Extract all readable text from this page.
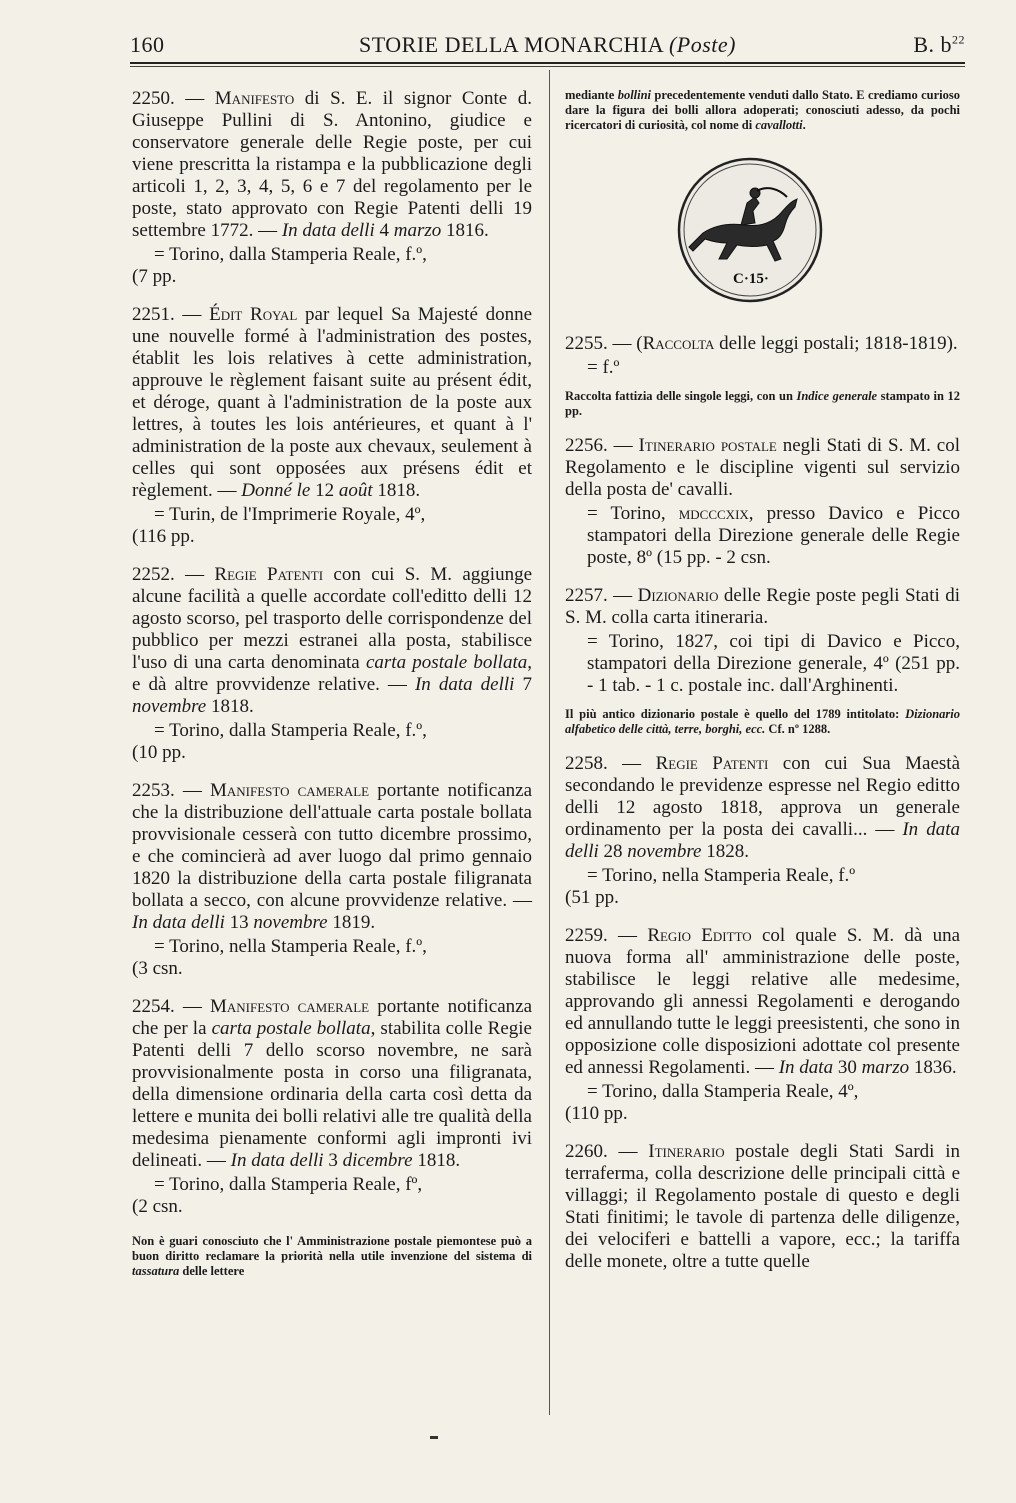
160	STORIE DELLA MONARCHIA (Poste)	B. $b^{22}$

2250. — Manifesto di S. E. il signor Conte d. Giuseppe Pullini di S. Antonino, giudice e conservatore generale delle Regie poste, per cui viene prescritta la ristampa e la pubblicazione degli articoli 1, 2, 3, 4, 5, 6 e 7 del regolamento per le poste, stato approvato con Regie Patenti delli 19 settembre 1772. — In data delli 4 marzo 1816.

= Torino, dalla Stamperia Reale, f.º,

(7 pp.

2251. — Édit Royal par lequel Sa Majesté donne une nouvelle formé à l'administration des postes, établit les lois relatives à cette administration, approuve le règlement faisant suite au présent édit, et déroge, quant à l'administration de la poste aux lettres, à toutes les lois antérieures, et quant à l' administration de la poste aux chevaux, seulement à celles qui sont opposées aux présens édit et règlement. — Donné le 12 août 1818.

= Turin, de l'Imprimerie Royale, 4º,

(116 pp.

2252. — Regie Patenti con cui S. M. aggiunge alcune facilità a quelle accordate coll'editto delli 12 agosto scorso, pel trasporto delle corrispondenze del pubblico per mezzi estranei alla posta, stabilisce l'uso di una carta denominata carta postale bollata, e dà altre provvidenze relative. — In data delli 7 novembre 1818.

= Torino, dalla Stamperia Reale, f.º,

(10 pp.

2253. — Manifesto camerale portante notificanza che la distribuzione dell'attuale carta postale bollata provvisionale cesserà con tutto dicembre prossimo, e che comincierà ad aver luogo dal primo gennaio 1820 la distribuzione della carta postale filigranata bollata a secco, con alcune provvidenze relative. — In data delli 13 novembre 1819.

= Torino, nella Stamperia Reale, f.º,

(3 csn.

2254. — Manifesto camerale portante notificanza che per la carta postale bollata, stabilita colle Regie Patenti delli 7 dello scorso novembre, ne sarà provvisionalmente posta in corso una filigranata, della dimensione ordinaria della carta così detta da lettere e munita dei bolli relativi alle tre qualità della medesima pienamente conformi agli impronti ivi delineati. — In data delli 3 dicembre 1818.

= Torino, dalla Stamperia Reale, fº,

(2 csn.

Non è guari conosciuto che l' Amministrazione postale piemontese può a buon diritto reclamare la priorità nella utile invenzione del sistema di tassatura delle lettere

mediante bollini precedentemente venduti dallo Stato. E crediamo curioso dare la figura dei bolli allora adoperati; conosciuti adesso, da pochi ricercatori di curiosità, col nome di cavallotti.

C·15·

2255. — (Raccolta delle leggi postali; 1818-1819).

= f.º

Raccolta fattizia delle singole leggi, con un Indice generale stampato in 12 pp.

2256. — Itinerario postale negli Stati di S. M. col Regolamento e le discipline vigenti sul servizio della posta de' cavalli.

= Torino, mdcccxix, presso Davico e Picco stampatori della Direzione generale delle Regie poste, 8º (15 pp. - 2 csn.

2257. — Dizionario delle Regie poste pegli Stati di S. M. colla carta itineraria.

= Torino, 1827, coi tipi di Davico e Picco, stampatori della Direzione generale, 4º (251 pp. - 1 tab. - 1 c. postale inc. dall'Arghinenti.

Il più antico dizionario postale è quello del 1789 intitolato: Dizionario alfabetico delle città, terre, borghi, ecc. Cf. nº 1288.

2258. — Regie Patenti con cui Sua Maestà secondando le previdenze espresse nel Regio editto delli 12 agosto 1818, approva un generale ordinamento per la posta dei cavalli... — In data delli 28 novembre 1828.

= Torino, nella Stamperia Reale, f.º

(51 pp.

2259. — Regio Editto col quale S. M. dà una nuova forma all' amministrazione delle poste, stabilisce le leggi relative alle medesime, approvando gli annessi Regolamenti e derogando ed annullando tutte le leggi preesistenti, che sono in opposizione colle disposizioni adottate col presente ed annessi Regolamenti. — In data 30 marzo 1836.

= Torino, dalla Stamperia Reale, 4º,

(110 pp.

2260. — Itinerario postale degli Stati Sardi in terraferma, colla descrizione delle principali città e villaggi; il Regolamento postale di questo e degli Stati finitimi; le tavole di partenza delle diligenze, dei velociferi e battelli a vapore, ecc.; la tariffa delle monete, oltre a tutte quelle
